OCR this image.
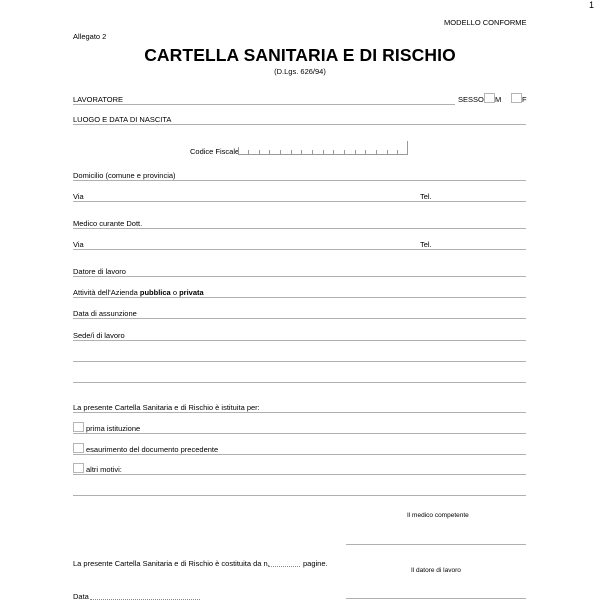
1
MODELLO CONFORME
Allegato 2
CARTELLA SANITARIA E DI RISCHIO
(D.Lgs. 626/94)
LAVORATORE	SESSO M	F
LUOGO E DATA DI NASCITA
Codice Fiscale
Domicilio (comune e provincia)
Via	Tel.
Medico curante Dott.
Via	Tel.
Datore di lavoro
Attività dell'Azienda pubblica o privata
Data di assunzione
Sede/i di lavoro
La presente Cartella Sanitaria e di Rischio è istituita per:
prima istituzione
esaurimento del documento precedente
altri motivi:
Il medico competente
La presente Cartella Sanitaria e di Rischio è costituita da n.	pagine.
Il datore di lavoro
Data
